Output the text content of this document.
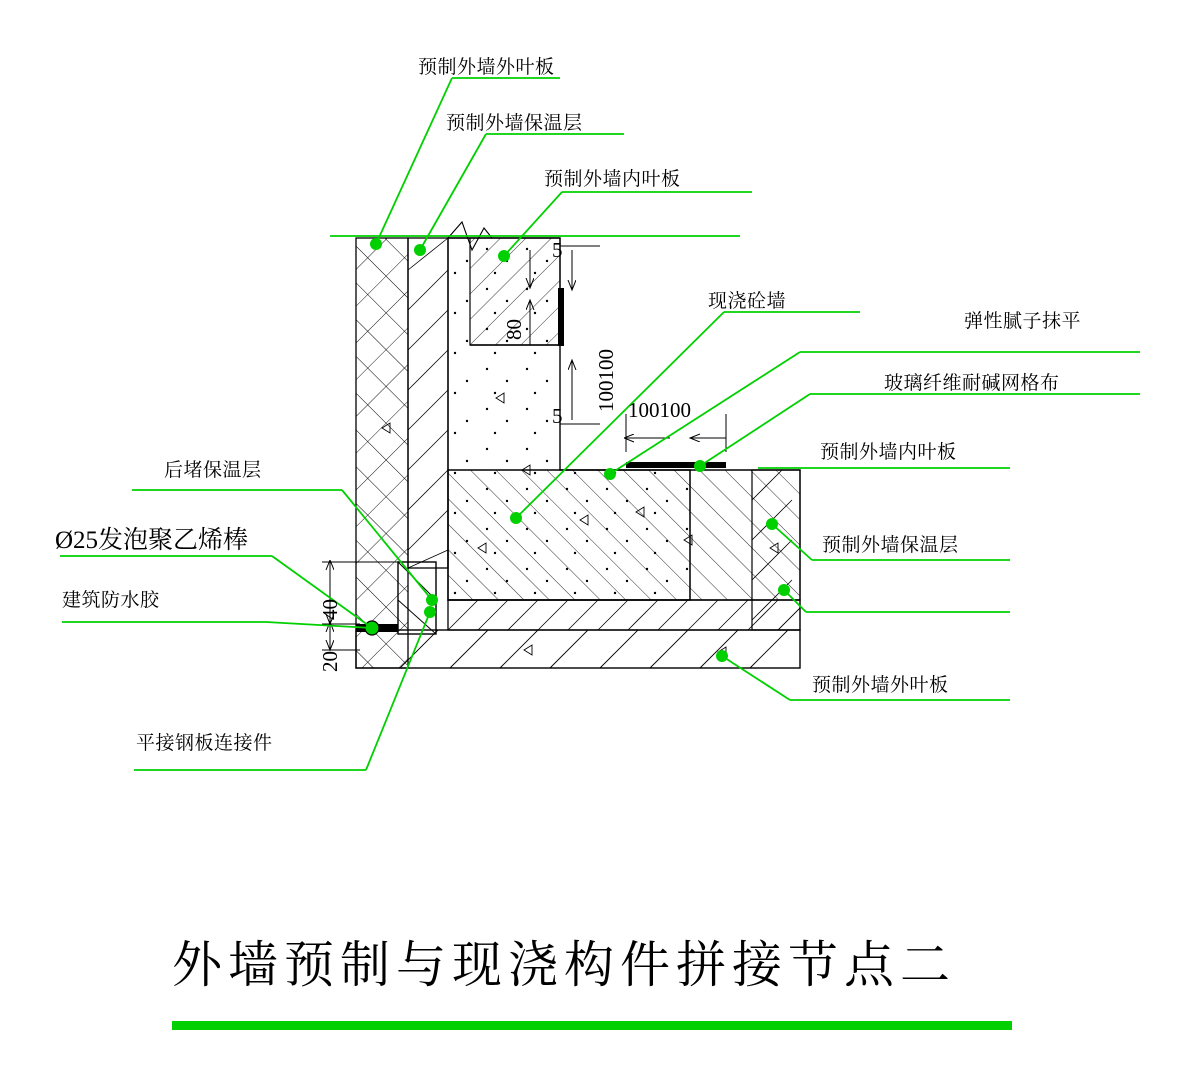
预制外墙外叶板
预制外墙保温层
预制外墙内叶板
现浇砼墙
弹性腻子抹平
玻璃纤维耐碱网格布
预制外墙内叶板
预制外墙保温层
预制外墙外叶板
后堵保温层
建筑防水胶
平接钢板连接件
Ø25发泡聚乙烯棒
5
80
100100
5	100100
40
20
外墙预制与现浇构件拼接节点二
